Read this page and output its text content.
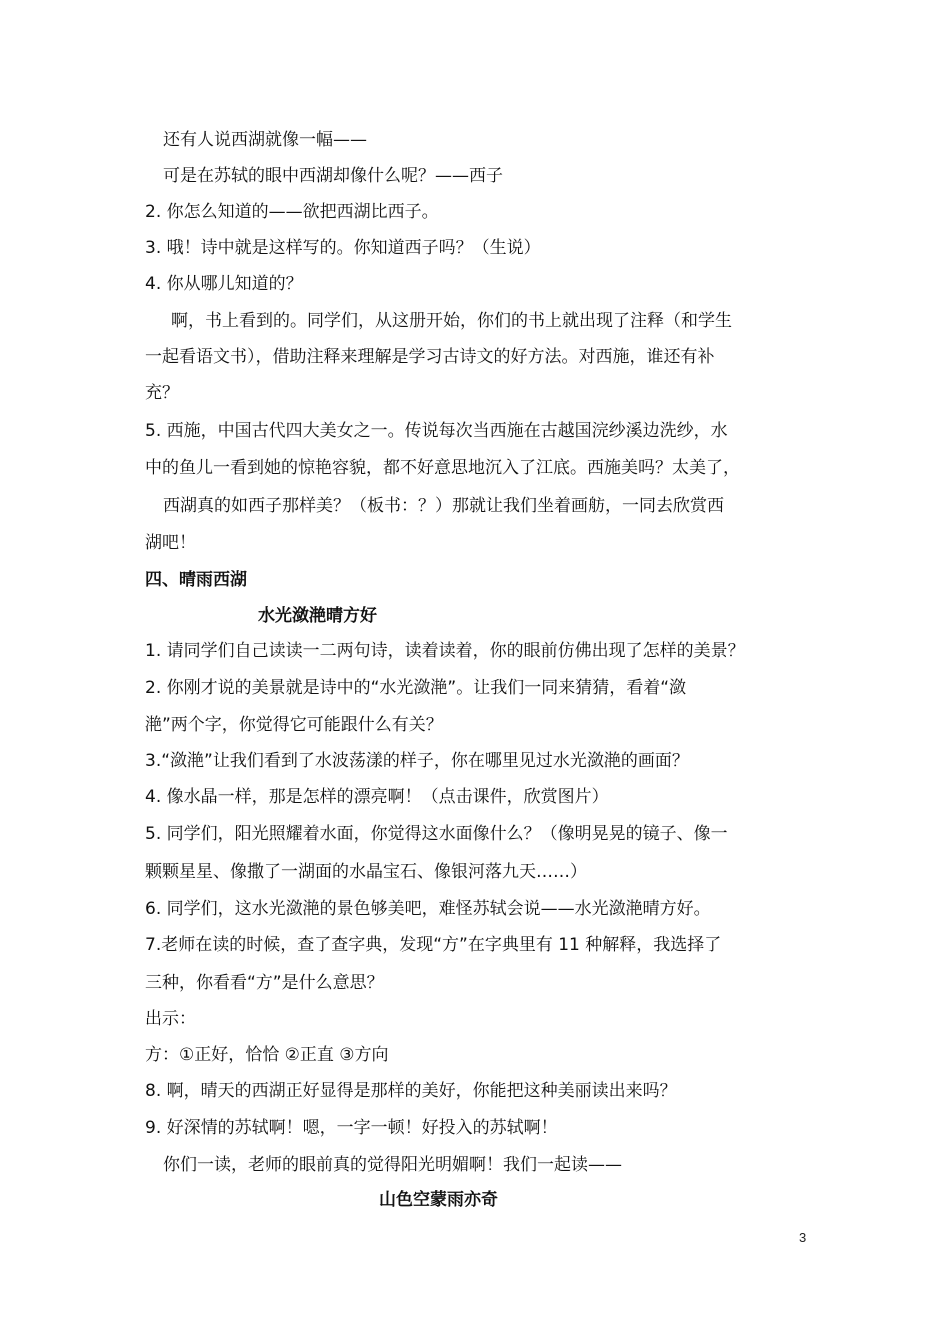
还有人说西湖就像一幅——
可是在苏轼的眼中西湖却像什么呢？——西子
2. 你怎么知道的——欲把西湖比西子。
3. 哦！诗中就是这样写的。你知道西子吗？（生说）
4. 你从哪儿知道的？
啊，书上看到的。同学们，从这册开始，你们的书上就出现了注释（和学生
一起看语文书），借助注释来理解是学习古诗文的好方法。对西施，谁还有补
充？
5. 西施，中国古代四大美女之一。传说每次当西施在古越国浣纱溪边洗纱，水
中的鱼儿一看到她的惊艳容貌，都不好意思地沉入了江底。西施美吗？太美了，
西湖真的如西子那样美？（板书：？）那就让我们坐着画舫，一同去欣赏西
湖吧！
四、晴雨西湖
水光潋滟晴方好
1. 请同学们自己读读一二两句诗，读着读着，你的眼前仿佛出现了怎样的美景？
2. 你刚才说的美景就是诗中的“水光潋滟”。让我们一同来猜猜，看着“潋
滟”两个字，你觉得它可能跟什么有关？
3.“潋滟”让我们看到了水波荡漾的样子，你在哪里见过水光潋滟的画面？
4. 像水晶一样，那是怎样的漂亮啊！（点击课件，欣赏图片）
5. 同学们，阳光照耀着水面，你觉得这水面像什么？（像明晃晃的镜子、像一
颗颗星星、像撒了一湖面的水晶宝石、像银河落九天……）
6. 同学们，这水光潋滟的景色够美吧，难怪苏轼会说——水光潋滟晴方好。
7.老师在读的时候，查了查字典，发现“方”在字典里有 11 种解释，我选择了
三种，你看看“方”是什么意思？
出示：
方：①正好，恰恰 ②正直 ③方向
8. 啊，晴天的西湖正好显得是那样的美好，你能把这种美丽读出来吗？
9. 好深情的苏轼啊！嗯，一字一顿！好投入的苏轼啊！
你们一读，老师的眼前真的觉得阳光明媚啊！我们一起读——
山色空蒙雨亦奇
3
